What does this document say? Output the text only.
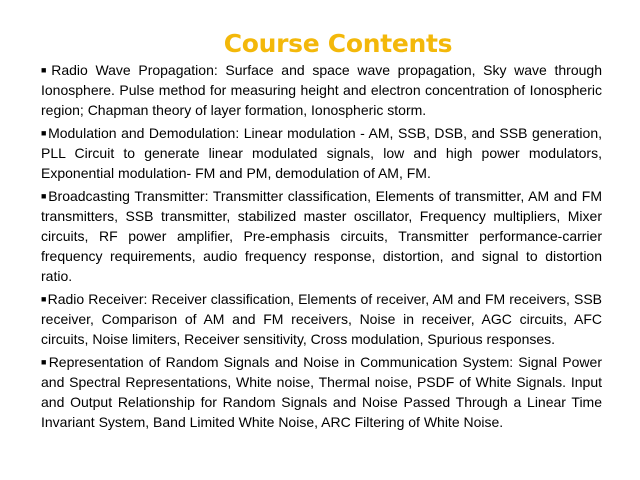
Course Contents

■Radio Wave Propagation: Surface and space wave propagation, Sky wave through Ionosphere. Pulse method for measuring height and electron concentration of Ionospheric region; Chapman theory of layer formation, Ionospheric storm.

■Modulation and Demodulation: Linear modulation - AM, SSB, DSB, and SSB generation, PLL Circuit to generate linear modulated signals, low and high power modulators, Exponential modulation- FM and PM, demodulation of AM, FM.

■Broadcasting Transmitter: Transmitter classification, Elements of transmitter, AM and FM transmitters, SSB transmitter, stabilized master oscillator, Frequency multipliers, Mixer circuits, RF power amplifier, Pre-emphasis circuits, Transmitter performance-carrier frequency requirements, audio frequency response, distortion, and signal to distortion ratio.

■Radio Receiver: Receiver classification, Elements of receiver, AM and FM receivers, SSB receiver, Comparison of AM and FM receivers, Noise in receiver, AGC circuits, AFC circuits, Noise limiters, Receiver sensitivity, Cross modulation, Spurious responses.

■Representation of Random Signals and Noise in Communication System: Signal Power and Spectral Representations, White noise, Thermal noise, PSDF of White Signals. Input and Output Relationship for Random Signals and Noise Passed Through a Linear Time Invariant System, Band Limited White Noise, ARC Filtering of White Noise.
